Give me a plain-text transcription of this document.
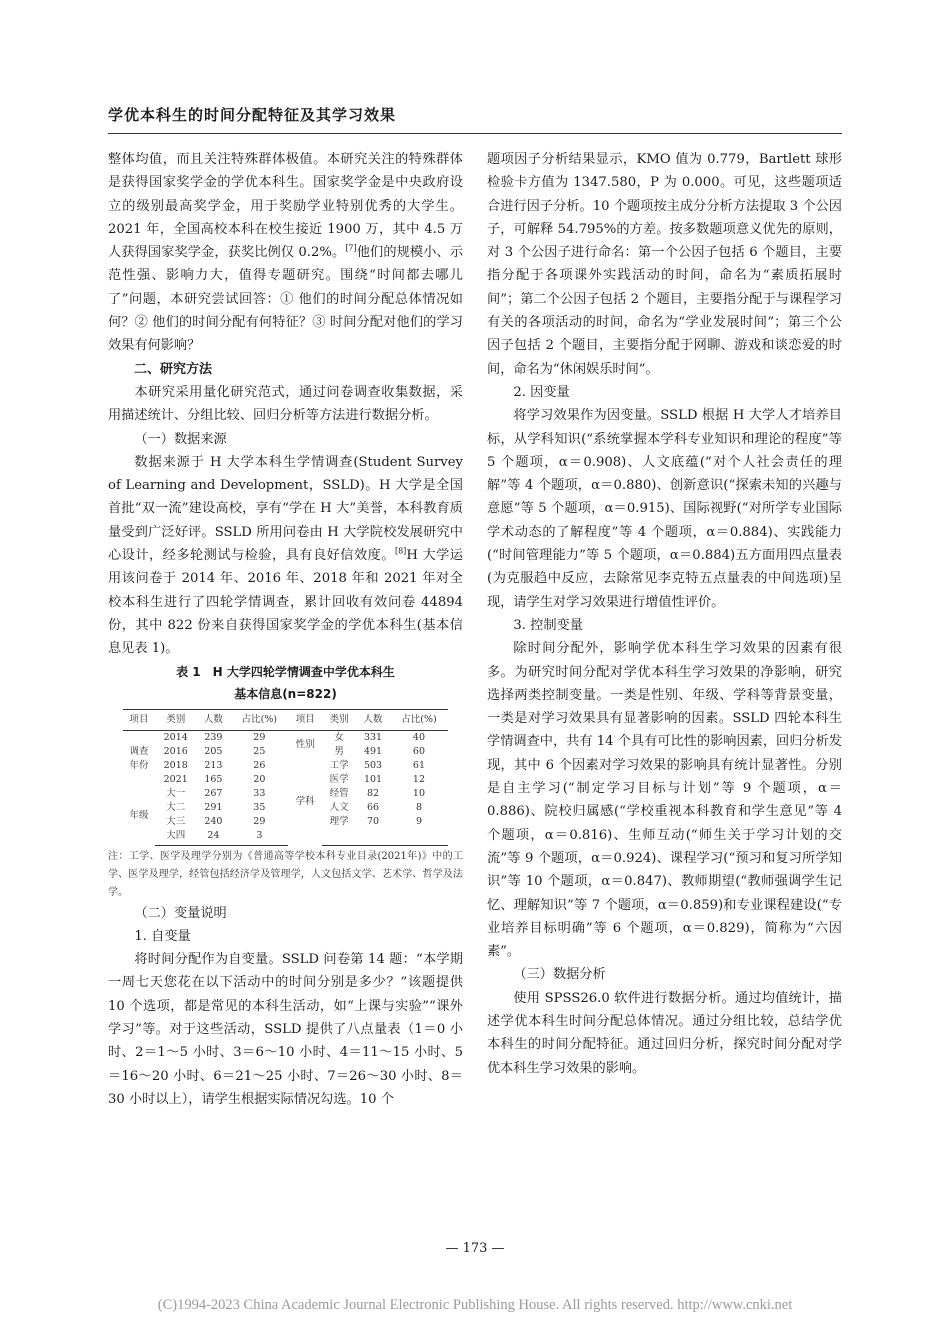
学优本科生的时间分配特征及其学习效果

整体均值，而且关注特殊群体极值。本研究关注的特殊群体是获得国家奖学金的学优本科生。国家奖学金是中央政府设立的级别最高奖学金，用于奖励学业特别优秀的大学生。2021 年，全国高校本科在校生接近 1900 万，其中 4.5 万人获得国家奖学金，获奖比例仅 0.2%。[7]他们的规模小、示范性强、影响力大，值得专题研究。围绕“时间都去哪儿了”问题，本研究尝试回答：① 他们的时间分配总体情况如何？② 他们的时间分配有何特征？③ 时间分配对他们的学习效果有何影响？

二、研究方法

本研究采用量化研究范式，通过问卷调查收集数据，采用描述统计、分组比较、回归分析等方法进行数据分析。

（一）数据来源

数据来源于 H 大学本科生学情调查(Student Survey of Learning and Development，SSLD)。H 大学是全国首批“双一流”建设高校，享有“学在 H 大”美誉，本科教育质量受到广泛好评。SSLD 所用问卷由 H 大学院校发展研究中心设计，经多轮测试与检验，具有良好信效度。[8]H 大学运用该问卷于 2014 年、2016 年、2018 年和 2021 年对全校本科生进行了四轮学情调查，累计回收有效问卷 44894 份，其中 822 份来自获得国家奖学金的学优本科生(基本信息见表 1)。

表 1　H 大学四轮学情调查中学优本科生
基本信息(n=822)
项目	类别	人数	占比(%)	项目	类别	人数	占比(%)
调查年份	2014	239	29	性别	女	331	40
	2016	205	25		男	491	60
	2018	213	26	学科	工学	503	61
	2021	165	20		医学	101	12
年级	大一	267	33		经管	82	10
	大二	291	35		人文	66	8
	大三	240	29		理学	70	9
	大四	24	3				

注：工学、医学及理学分别为《普通高等学校本科专业目录(2021年)》中的工学、医学及理学，经管包括经济学及管理学，人文包括文学、艺术学、哲学及法学。

（二）变量说明

1. 自变量

将时间分配作为自变量。SSLD 问卷第 14 题：“本学期一周七天您花在以下活动中的时间分别是多少？”该题提供 10 个选项，都是常见的本科生活动，如“上课与实验”“课外学习”等。对于这些活动，SSLD 提供了八点量表（1＝0 小时、2＝1～5 小时、3＝6～10 小时、4＝11～15 小时、5＝16～20 小时、6＝21～25 小时、7＝26～30 小时、8＝30 小时以上），请学生根据实际情况勾选。10 个

题项因子分析结果显示，KMO 值为 0.779，Bartlett 球形检验卡方值为 1347.580，P 为 0.000。可见，这些题项适合进行因子分析。10 个题项按主成分分析方法提取 3 个公因子，可解释 54.795%的方差。按多数题项意义优先的原则，对 3 个公因子进行命名：第一个公因子包括 6 个题目，主要指分配于各项课外实践活动的时间，命名为“素质拓展时间”；第二个公因子包括 2 个题目，主要指分配于与课程学习有关的各项活动的时间，命名为“学业发展时间”；第三个公因子包括 2 个题目，主要指分配于网聊、游戏和谈恋爱的时间，命名为“休闲娱乐时间”。

2. 因变量

将学习效果作为因变量。SSLD 根据 H 大学人才培养目标，从学科知识(“系统掌握本学科专业知识和理论的程度”等 5 个题项，α＝0.908)、人文底蕴(“对个人社会责任的理解”等 4 个题项，α＝0.880)、创新意识(“探索未知的兴趣与意愿”等 5 个题项，α＝0.915)、国际视野(“对所学专业国际学术动态的了解程度”等 4 个题项，α＝0.884)、实践能力(“时间管理能力”等 5 个题项，α＝0.884)五方面用四点量表(为克服趋中反应，去除常见李克特五点量表的中间选项)呈现，请学生对学习效果进行增值性评价。

3. 控制变量

除时间分配外，影响学优本科生学习效果的因素有很多。为研究时间分配对学优本科生学习效果的净影响，研究选择两类控制变量。一类是性别、年级、学科等背景变量，一类是对学习效果具有显著影响的因素。SSLD 四轮本科生学情调查中，共有 14 个具有可比性的影响因素，回归分析发现，其中 6 个因素对学习效果的影响具有统计显著性。分别是自主学习(“制定学习目标与计划”等 9 个题项，α＝0.886)、院校归属感(“学校重视本科教育和学生意见”等 4 个题项，α＝0.816)、生师互动(“师生关于学习计划的交流”等 9 个题项，α＝0.924)、课程学习(“预习和复习所学知识”等 10 个题项，α＝0.847)、教师期望(“教师强调学生记忆、理解知识”等 7 个题项，α＝0.859)和专业课程建设(“专业培养目标明确”等 6 个题项，α＝0.829)，简称为“六因素”。

（三）数据分析

使用 SPSS26.0 软件进行数据分析。通过均值统计，描述学优本科生时间分配总体情况。通过分组比较，总结学优本科生的时间分配特征。通过回归分析，探究时间分配对学优本科生学习效果的影响。

— 173 —
(C)1994-2023 China Academic Journal Electronic Publishing House. All rights reserved. http://www.cnki.net
